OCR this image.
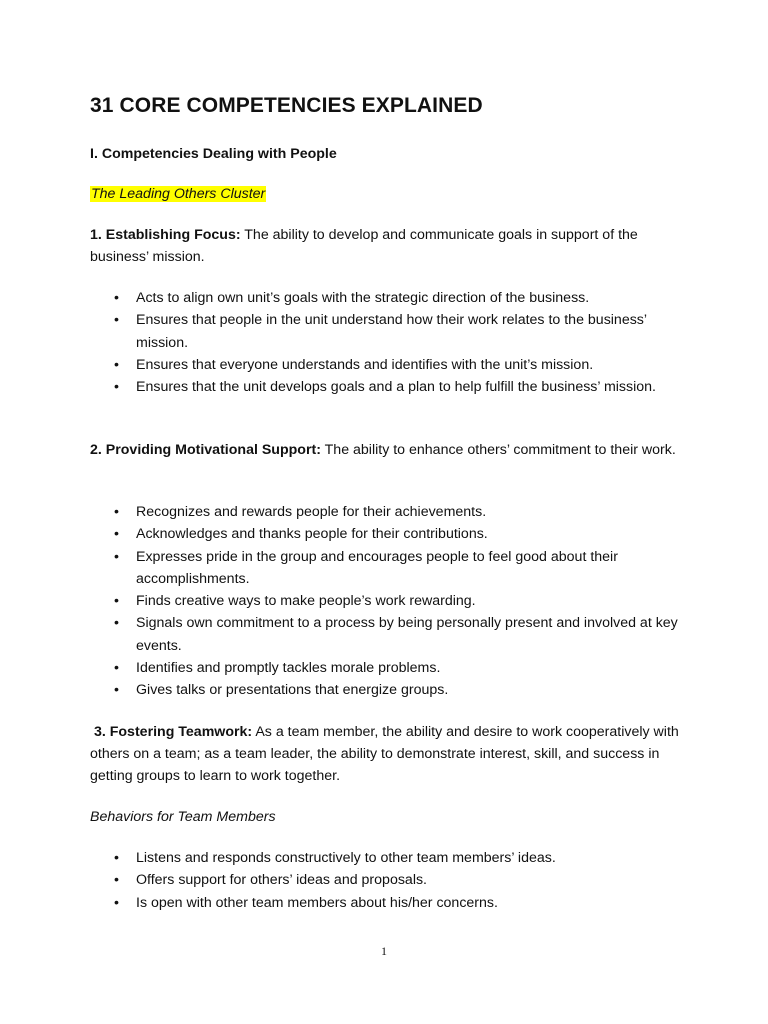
31 CORE COMPETENCIES EXPLAINED
I. Competencies Dealing with People

The Leading Others Cluster

1. Establishing Focus: The ability to develop and communicate goals in support of the business’ mission.

• Acts to align own unit’s goals with the strategic direction of the business.
• Ensures that people in the unit understand how their work relates to the business’ mission.
• Ensures that everyone understands and identifies with the unit’s mission.
• Ensures that the unit develops goals and a plan to help fulfill the business’ mission.

2. Providing Motivational Support: The ability to enhance others’ commitment to their work.

• Recognizes and rewards people for their achievements.
• Acknowledges and thanks people for their contributions.
• Expresses pride in the group and encourages people to feel good about their accomplishments.
• Finds creative ways to make people’s work rewarding.
• Signals own commitment to a process by being personally present and involved at key events.
• Identifies and promptly tackles morale problems.
• Gives talks or presentations that energize groups.

3. Fostering Teamwork: As a team member, the ability and desire to work cooperatively with others on a team; as a team leader, the ability to demonstrate interest, skill, and success in getting groups to learn to work together.

Behaviors for Team Members

• Listens and responds constructively to other team members’ ideas.
• Offers support for others’ ideas and proposals.
• Is open with other team members about his/her concerns.
1
